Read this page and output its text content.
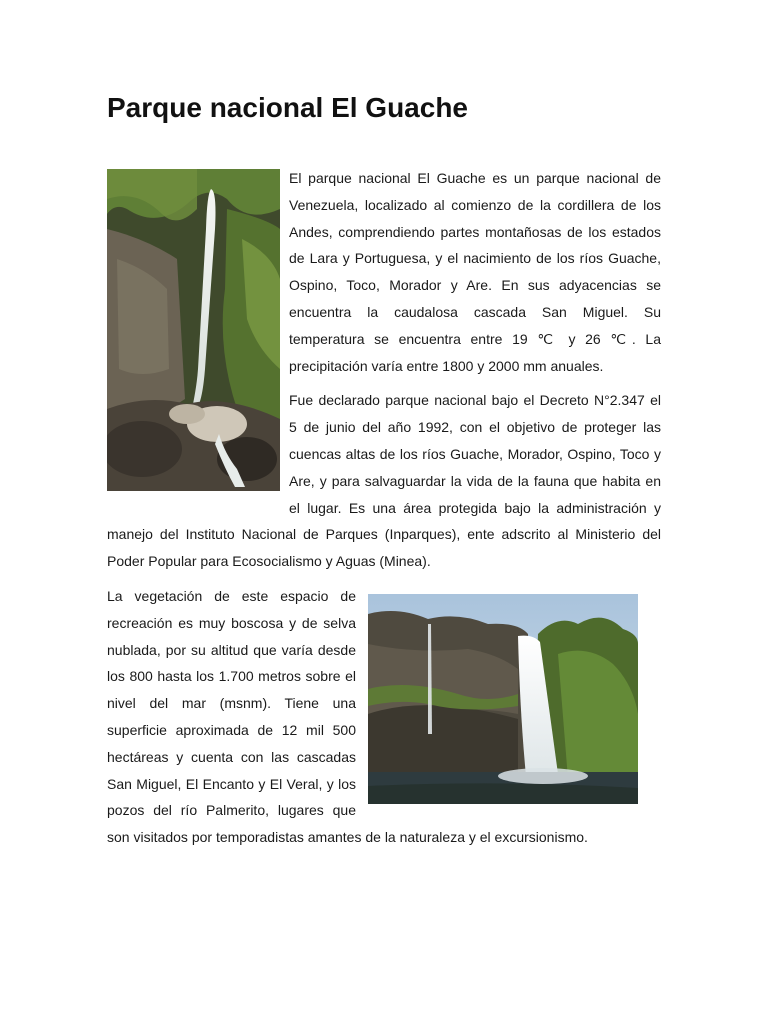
Parque nacional El Guache

El parque nacional El Guache es un parque nacional de Venezuela, localizado al comienzo de la cordillera de los Andes, comprendiendo partes montañosas de los estados de Lara y Portuguesa, y el nacimiento de los ríos Guache, Ospino, Toco, Morador y Are. En sus adyacencias se encuentra la caudalosa cascada San Miguel. Su temperatura se encuentra entre 19 ℃ y 26 ℃. La precipitación varía entre 1800 y 2000 mm anuales.

Fue declarado parque nacional bajo el Decreto N°2.347 el 5 de junio del año 1992, con el objetivo de proteger las cuencas altas de los ríos Guache, Morador, Ospino, Toco y Are, y para salvaguardar la vida de la fauna que habita en el lugar. Es una área protegida bajo la administración y manejo del Instituto Nacional de Parques (Inparques), ente adscrito al Ministerio del Poder Popular para Ecosocialismo y Aguas (Minea).

La vegetación de este espacio de recreación es muy boscosa y de selva nublada, por su altitud que varía desde los 800 hasta los 1.700 metros sobre el nivel del mar (msnm). Tiene una superficie aproximada de 12 mil 500 hectáreas y cuenta con las cascadas San Miguel, El Encanto y El Veral, y los pozos del río Palmerito, lugares que son visitados por temporadistas amantes de la naturaleza y el excursionismo.
